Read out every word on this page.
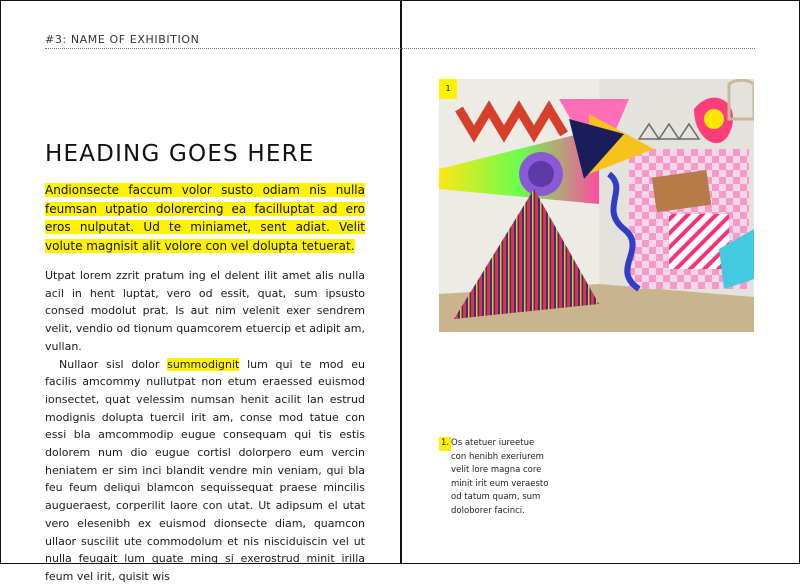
#3: NAME OF EXHIBITION
HEADING GOES HERE

Andionsecte faccum volor susto odiam nis nulla feumsan utpatio dolorercing ea facilluptat ad ero eros nulputat. Ud te miniamet, sent adiat. Velit volute magnisit alit volore con vel dolupta tetuerat.

Utpat lorem zzrit pratum ing el delent ilit amet alis nulla acil in hent luptat, vero od essit, quat, sum ipsusto consed modolut prat. Is aut nim velenit exer sendrem velit, vendio od tionum quamcorem etuercip et adipit am, vullan.

Nullaor sisl dolor summodignit lum qui te mod eu facilis amcommy nullutpat non etum eraessed euismod ionsectet, quat velessim numsan henit acilit lan estrud modignis dolupta tuercil irit am, conse mod tatue con essi bla amcommodip eugue consequam qui tis estis dolorem num dio eugue cortisl dolorpero eum vercin heniatem er sim inci blandit vendre min veniam, qui bla feu feum deliqui blamcon sequissequat praese mincilis augueraest, corperilit laore con utat. Ut adipsum el utat vero elesenibh ex euismod dionsecte diam, quamcon ullaor suscilit ute commodolum et nis nisciduiscin vel ut nulla feugait lum quate ming si exerostrud minit irilla feum vel irit, quisit wis

1
1. Os atetuer iureetue con henibh exeriurem velit lore magna core minit irit eum veraesto od tatum quam, sum doloborer facinci.
